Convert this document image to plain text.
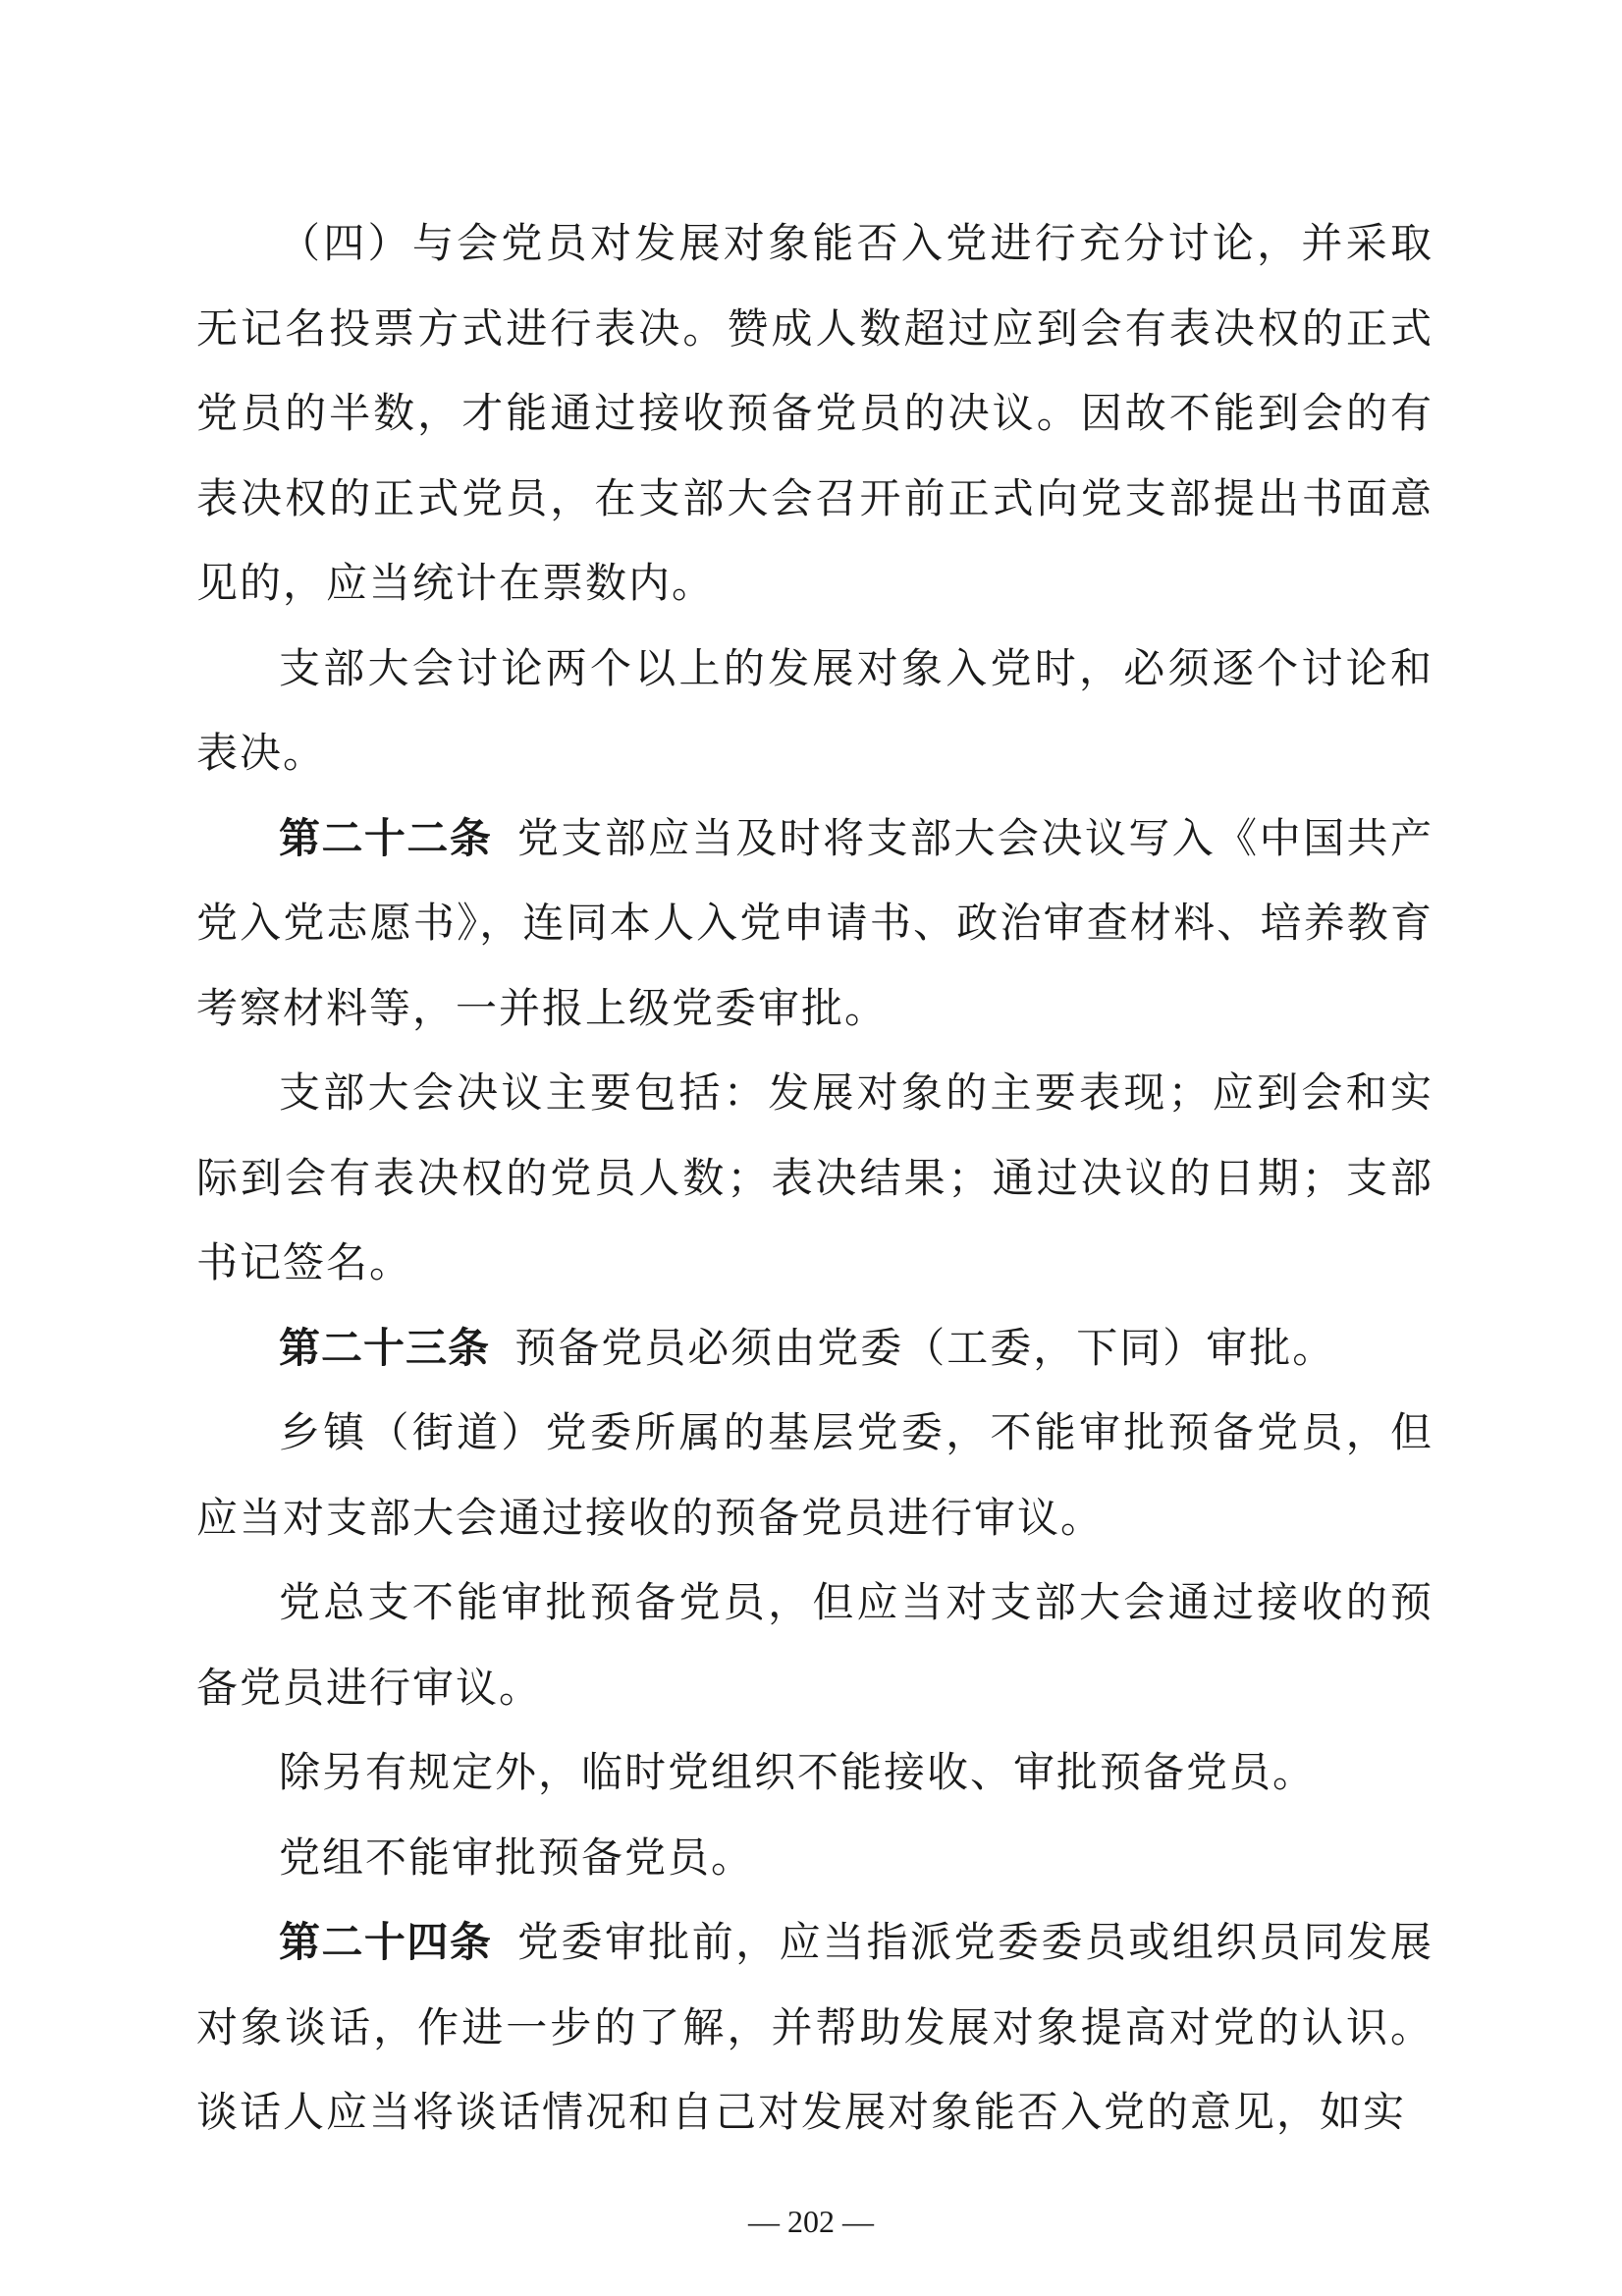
（四）与会党员对发展对象能否入党进行充分讨论，并采取无记名投票方式进行表决。赞成人数超过应到会有表决权的正式党员的半数，才能通过接收预备党员的决议。因故不能到会的有表决权的正式党员，在支部大会召开前正式向党支部提出书面意见的，应当统计在票数内。

支部大会讨论两个以上的发展对象入党时，必须逐个讨论和表决。

第二十二条 党支部应当及时将支部大会决议写入《中国共产党入党志愿书》，连同本人入党申请书、政治审查材料、培养教育考察材料等，一并报上级党委审批。

支部大会决议主要包括：发展对象的主要表现；应到会和实际到会有表决权的党员人数；表决结果；通过决议的日期；支部书记签名。

第二十三条 预备党员必须由党委（工委，下同）审批。

乡镇（街道）党委所属的基层党委，不能审批预备党员，但应当对支部大会通过接收的预备党员进行审议。

党总支不能审批预备党员，但应当对支部大会通过接收的预备党员进行审议。

除另有规定外，临时党组织不能接收、审批预备党员。

党组不能审批预备党员。

第二十四条 党委审批前，应当指派党委委员或组织员同发展对象谈话，作进一步的了解，并帮助发展对象提高对党的认识。谈话人应当将谈话情况和自己对发展对象能否入党的意见，如实

— 202 —
